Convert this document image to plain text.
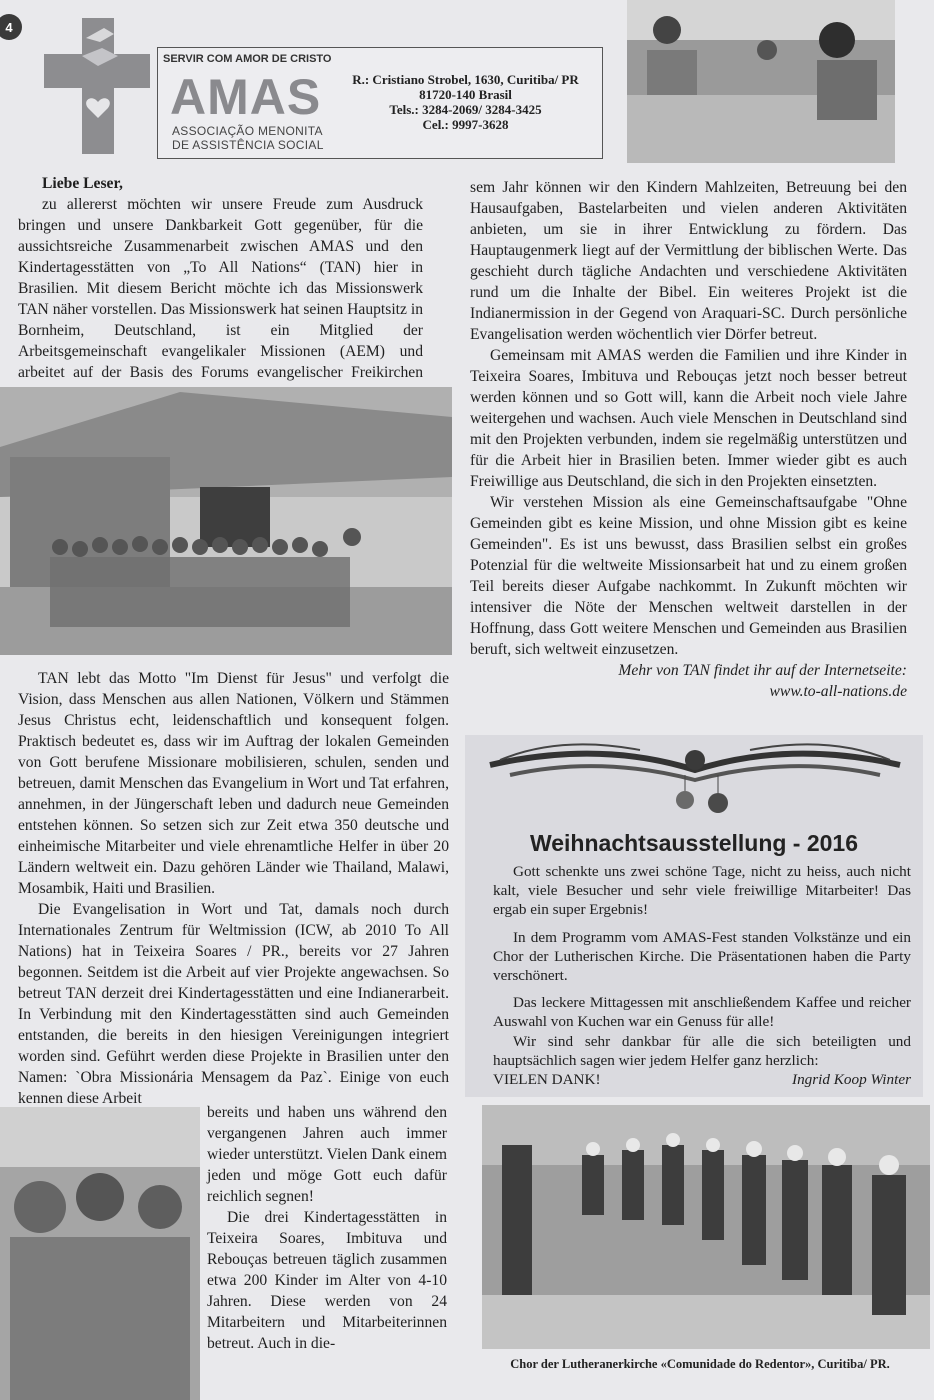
4
SERVIR COM AMOR DE CRISTO
AMAS
ASSOCIAÇÃO MENONITA
DE ASSISTÊNCIA SOCIAL
R.: Cristiano Strobel, 1630, Curitiba/ PR
81720-140 Brasil
Tels.: 3284-2069/ 3284-3425
Cel.: 9997-3628

Liebe Leser,

zu allererst möchten wir unsere Freude zum Ausdruck bringen und unsere Dankbarkeit Gott gegenüber, für die aussichtsreiche Zusammenarbeit zwischen AMAS und den Kindertagesstätten von „To All Nations“ (TAN) hier in Brasilien. Mit diesem Bericht möchte ich das Missionswerk TAN näher vorstellen. Das Missionswerk hat seinen Hauptsitz in Bornheim, Deutschland, ist ein Mitglied der Arbeitsgemeinschaft evangelikaler Missionen (AEM) und arbeitet auf der Basis des Forums evangelischer Freikirchen

TAN lebt das Motto "Im Dienst für Jesus" und verfolgt die Vision, dass Menschen aus allen Nationen, Völkern und Stämmen Jesus Christus echt, leidenschaftlich und konsequent folgen. Praktisch bedeutet es, dass wir im Auftrag der lokalen Gemeinden von Gott berufene Missionare mobilisieren, schulen, senden und betreuen, damit Menschen das Evangelium in Wort und Tat erfahren, annehmen, in der Jüngerschaft leben und dadurch neue Gemeinden entstehen können. So setzen sich zur Zeit etwa 350 deutsche und einheimische Mitarbeiter und viele ehrenamtliche Helfer in über 20 Ländern weltweit ein. Dazu gehören Länder wie Thailand, Malawi, Mosambik, Haiti und Brasilien.

Die Evangelisation in Wort und Tat, damals noch durch Internationales Zentrum für Weltmission (ICW, ab 2010 To All Nations) hat in Teixeira Soares / PR., bereits vor 27 Jahren begonnen. Seitdem ist die Arbeit auf vier Projekte angewachsen. So betreut TAN derzeit drei Kindertagesstätten und eine Indianerarbeit. In Verbindung mit den Kindertagesstätten sind auch Gemeinden entstanden, die bereits in den hiesigen Vereinigungen integriert worden sind. Geführt werden diese Projekte in Brasilien unter den Namen: `Obra Missionária Mensagem da Paz`. Einige von euch kennen diese Arbeit

bereits und haben uns während den vergangenen Jahren auch immer wieder unterstützt. Vielen Dank einem jeden und möge Gott euch dafür reichlich segnen!

Die drei Kindertagesstätten in Teixeira Soares, Imbituva und Rebouças betreuen täglich zusammen etwa 200 Kinder im Alter von 4-10 Jahren. Diese werden von 24 Mitarbeitern und Mitarbeiterinnen betreut. Auch in die-

sem Jahr können wir den Kindern Mahlzeiten, Betreuung bei den Hausaufgaben, Bastelarbeiten und vielen anderen Aktivitäten anbieten, um sie in ihrer Entwicklung zu fördern. Das Hauptaugenmerk liegt auf der Vermittlung der biblischen Werte. Das geschieht durch tägliche Andachten und verschiedene Aktivitäten rund um die Inhalte der Bibel. Ein weiteres Projekt ist die Indianermission in der Gegend von Araquari-SC. Durch persönliche Evangelisation werden wöchentlich vier Dörfer betreut.

Gemeinsam mit AMAS werden die Familien und ihre Kinder in Teixeira Soares, Imbituva und Rebouças jetzt noch besser betreut werden können und so Gott will, kann die Arbeit noch viele Jahre weitergehen und wachsen. Auch viele Menschen in Deutschland sind mit den Projekten verbunden, indem sie regelmäßig unterstützen und für die Arbeit hier in Brasilien beten. Immer wieder gibt es auch Freiwillige aus Deutschland, die sich in den Projekten einsetzten.

Wir verstehen Mission als eine Gemeinschaftsaufgabe "Ohne Gemeinden gibt es keine Mission, und ohne Mission gibt es keine Gemeinden". Es ist uns bewusst, dass Brasilien selbst ein großes Potenzial für die weltweite Missionsarbeit hat und zu einem großen Teil bereits dieser Aufgabe nachkommt. In Zukunft möchten wir intensiver die Nöte der Menschen weltweit darstellen in der Hoffnung, dass Gott weitere Menschen und Gemeinden aus Brasilien beruft, sich weltweit einzusetzen.

Mehr von TAN findet ihr auf der Internetseite:

www.to-all-nations.de

Weihnachtsausstellung - 2016

Gott schenkte uns zwei schöne Tage, nicht zu heiss, auch nicht kalt, viele Besucher und sehr viele freiwillige Mitarbeiter! Das ergab ein super Ergebnis!

In dem Programm vom AMAS-Fest standen Volkstänze und ein Chor der Lutherischen Kirche. Die Präsentationen haben die Party verschönert.

Das leckere Mittagessen mit anschließendem Kaffee und reicher Auswahl von Kuchen war ein Genuss für alle!

Wir sind sehr dankbar für alle die sich beteiligten und hauptsächlich sagen wier jedem Helfer ganz herzlich:

VIELEN DANK!	Ingrid Koop Winter
Chor der Lutheranerkirche «Comunidade do Redentor», Curitiba/ PR.
